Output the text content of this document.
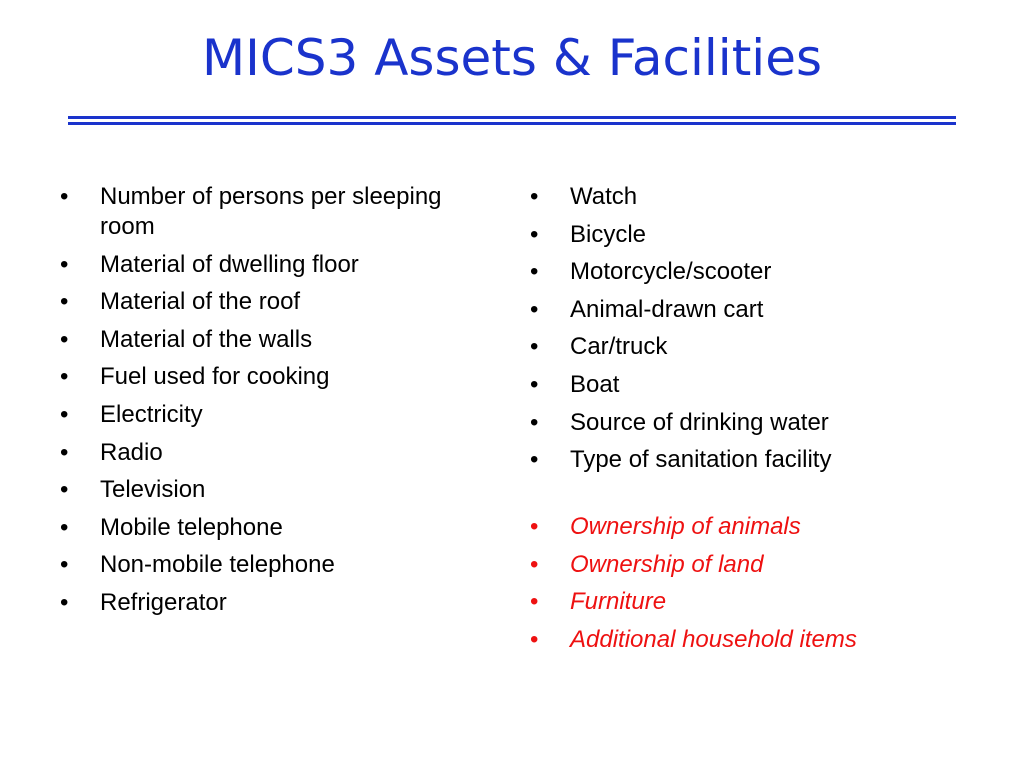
MICS3 Assets & Facilities
•	Number of persons per sleeping room
•	Material of dwelling floor
•	Material of the roof
•	Material of the walls
•	Fuel used for cooking
•	Electricity
•	Radio
•	Television
•	Mobile telephone
•	Non-mobile telephone
•	Refrigerator
•	Watch
•	Bicycle
•	Motorcycle/scooter
•	Animal-drawn cart
•	Car/truck
•	Boat
•	Source of drinking water
•	Type of sanitation facility
•	Ownership of animals
•	Ownership of land
•	Furniture
•	Additional household items
